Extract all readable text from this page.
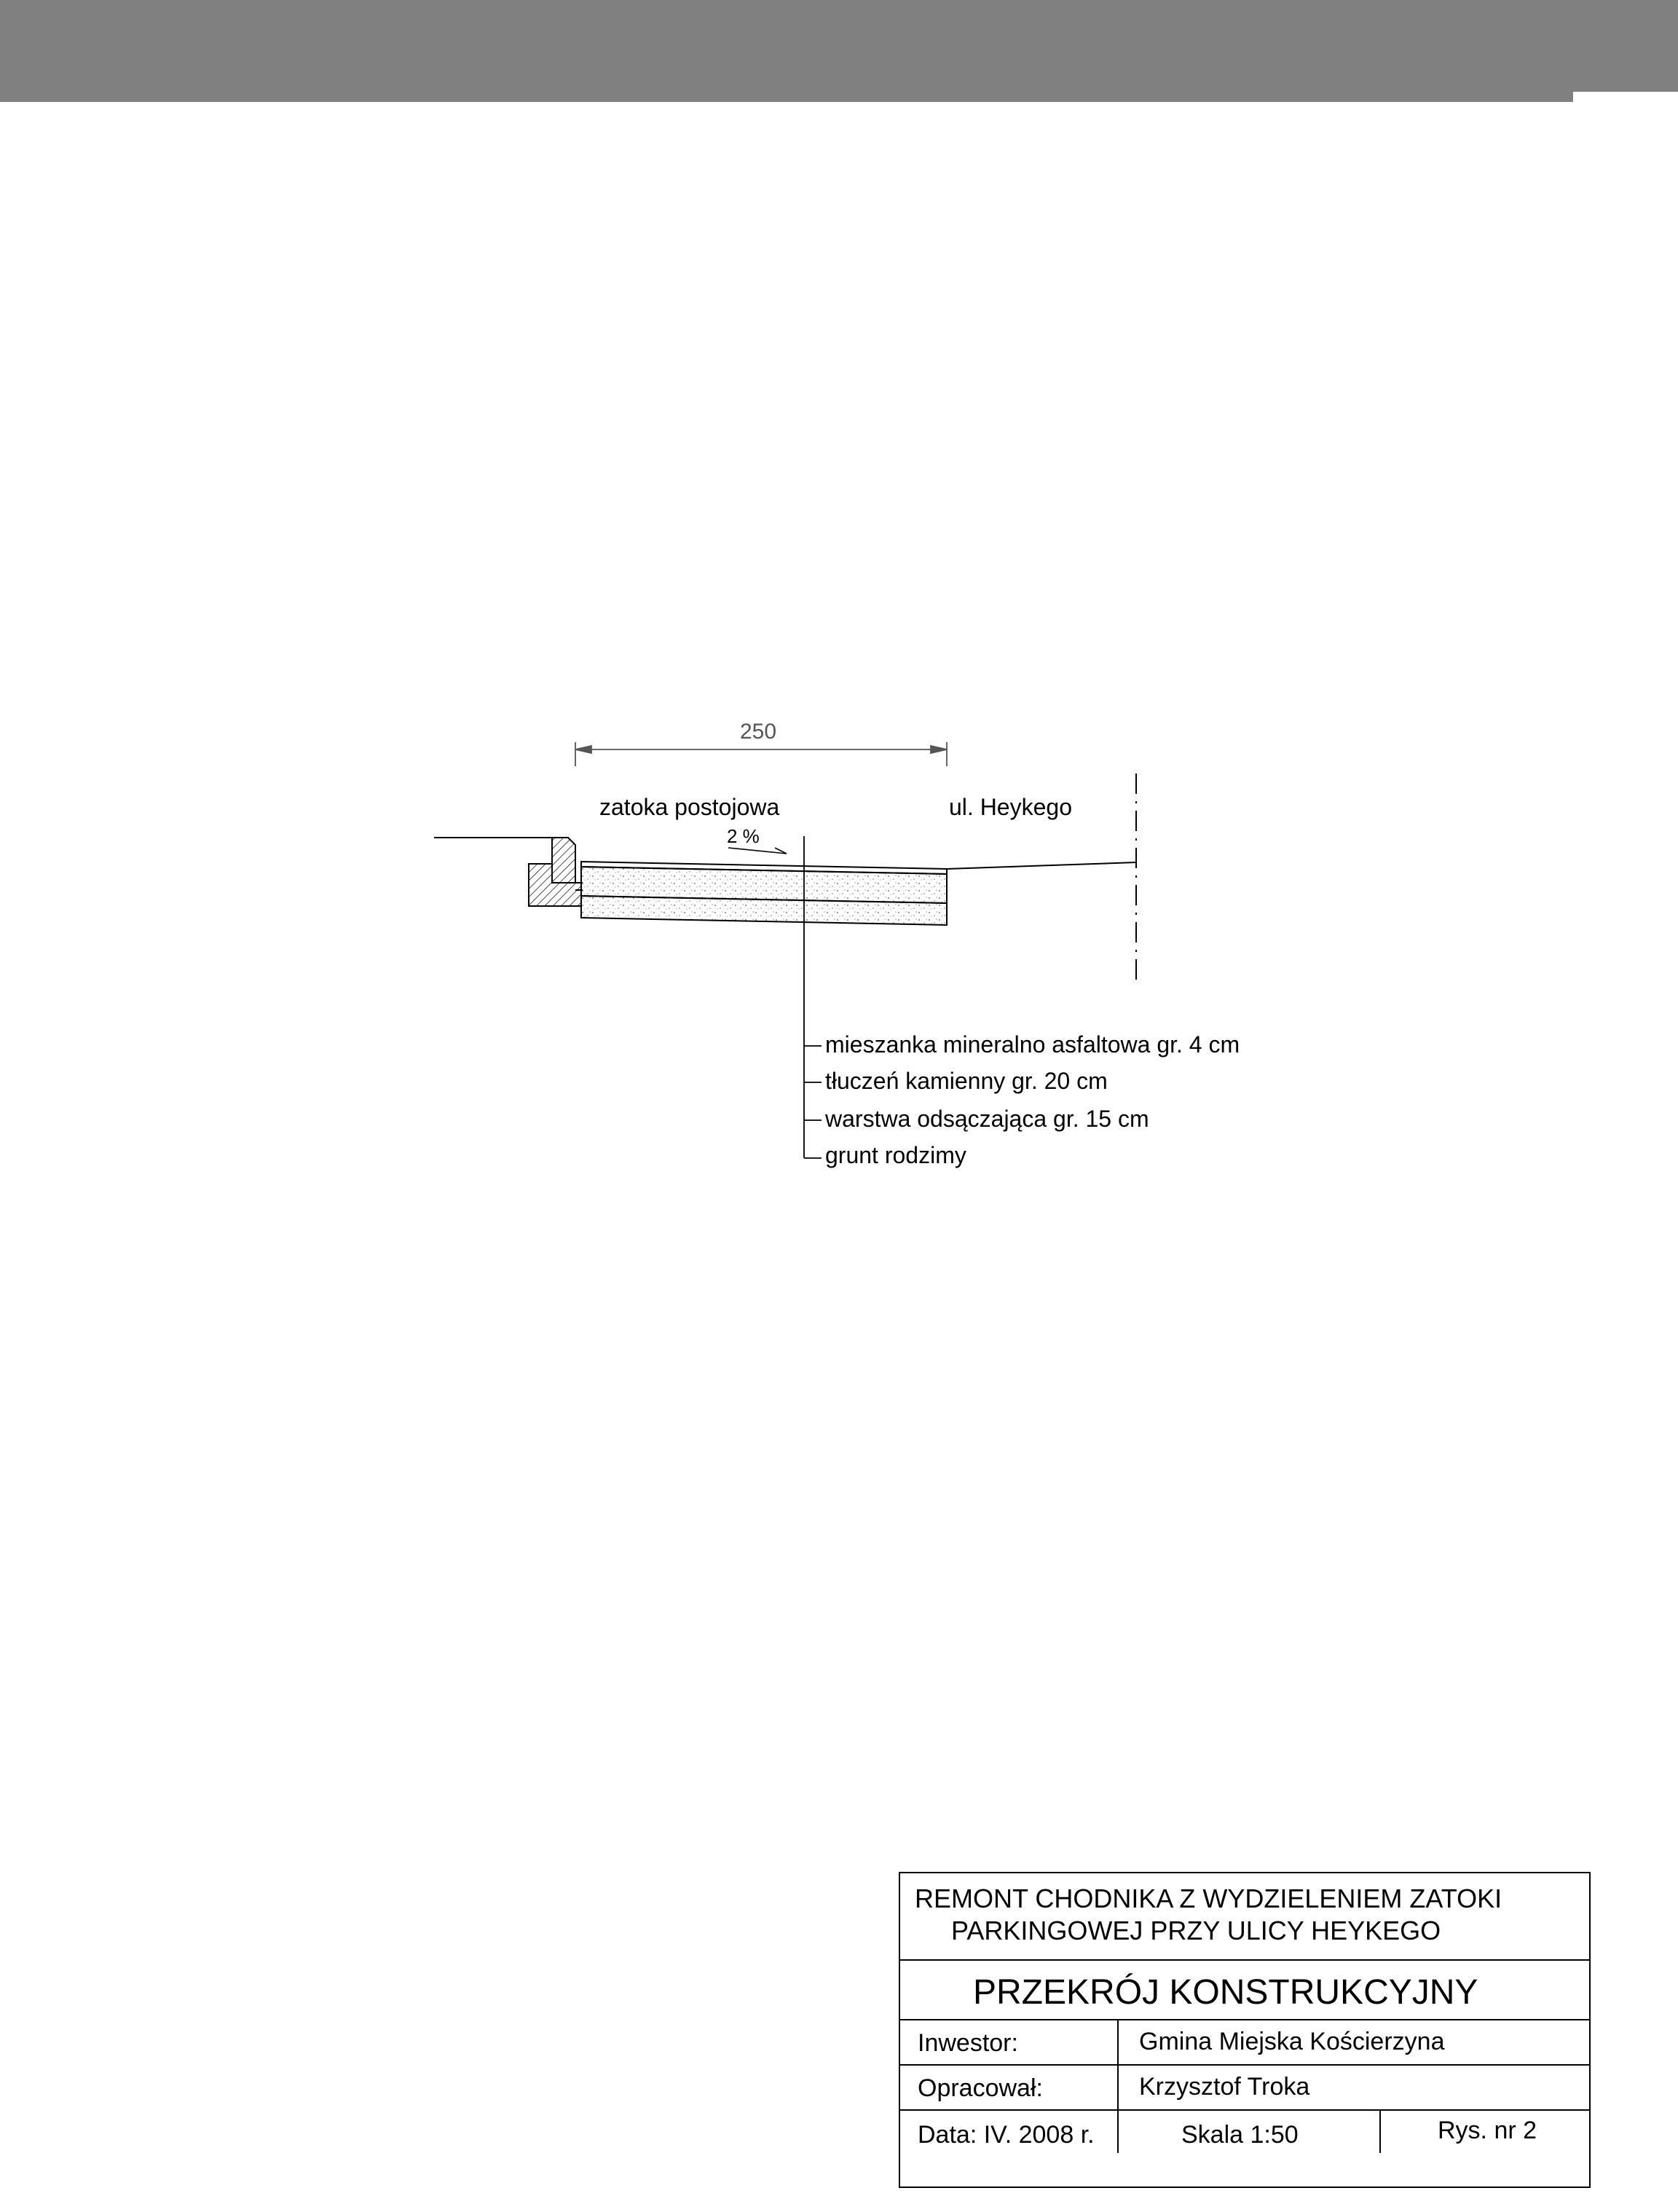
250
zatoka postojowa	ul. Heykego
2 %
mieszanka mineralno asfaltowa gr. 4 cm
tłuczeń kamienny gr. 20 cm
warstwa odsączająca gr. 15 cm
grunt rodzimy
REMONT CHODNIKA Z WYDZIELENIEM ZATOKI
PARKINGOWEJ PRZY ULICY HEYKEGO
PRZEKRÓJ KONSTRUKCYJNY
Inwestor:	Gmina Miejska Kościerzyna
Opracował:	Krzysztof Troka
Data: IV. 2008 r.	Skala 1:50	Rys. nr 2
